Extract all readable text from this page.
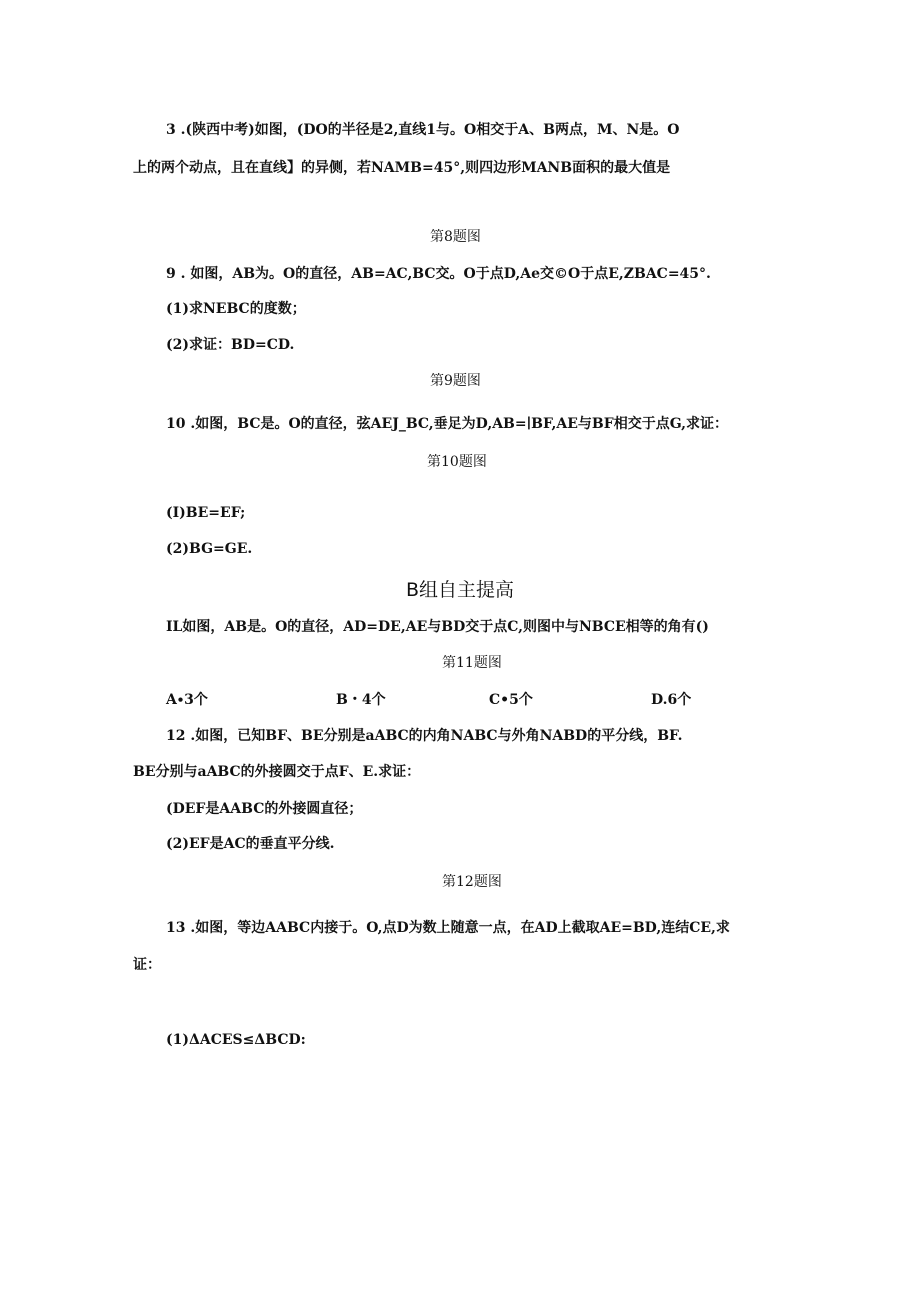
3 .(陕西中考)如图，(DO的半径是2,直线1与。O相交于A、B两点，M、N是。O
上的两个动点，且在直线】的异侧，若NAMB=45°,则四边形MANB面积的最大值是
第8题图
9 . 如图，AB为。O的直径，AB=AC,BC交。O于点D,Ae交©O于点E,ZBAC=45°.
(1)求NEBC的度数；
(2)求证：BD=CD.
第9题图
10 .如图，BC是。O的直径，弦AEJ_BC,垂足为D,AB=∣BF,AE与BF相交于点G,求证：
第10题图
(I)BE=EF;
(2)BG=GE.
B组自主提高
IL如图，AB是。O的直径，AD=DE,AE与BD交于点C,则图中与NBCE相等的角有()
第11题图
A∙3个	B・4个	C•5个	D.6个
12 .如图，已知BF、BE分别是aABC的内角NABC与外角NABD的平分线，BF.
BE分别与aABC的外接圆交于点F、E.求证：
(DEF是AABC的外接圆直径；
(2)EF是AC的垂直平分线.
第12题图
13 .如图，等边AABC内接于。O,点D为数上随意一点，在AD上截取AE=BD,连结CE,求
证：
(1)ΔACES≤ΔBCD:
